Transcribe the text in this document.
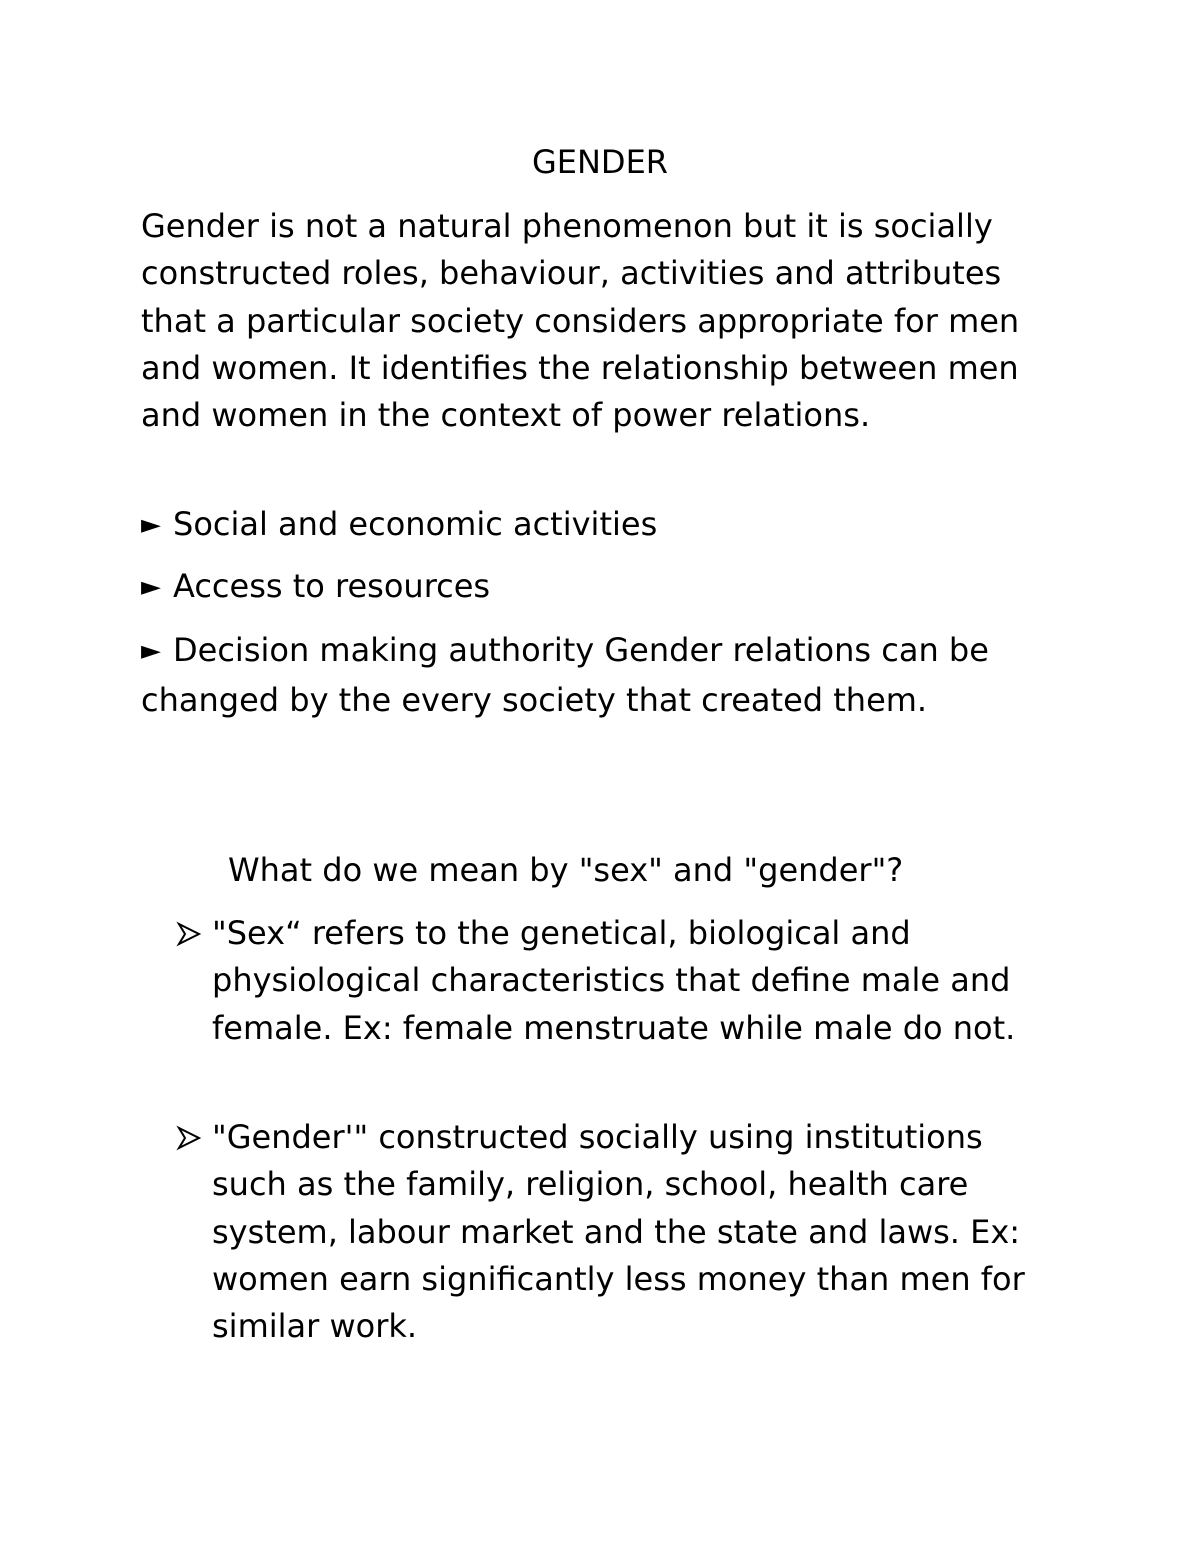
GENDER

Gender is not a natural phenomenon but it is socially constructed roles, behaviour, activities and attributes that a particular society considers appropriate for men and women. It identifies the relationship between men and women in the context of power relations.

► Social and economic activities

► Access to resources

► Decision making authority Gender relations can be changed by the every society that created them.

What do we mean by "sex" and "gender"?

"Sex“ refers to the genetical, biological and physiological characteristics that define male and female. Ex: female menstruate while male do not.

"Gender'" constructed socially using institutions such as the family, religion, school, health care system, labour market and the state and laws. Ex: women earn significantly less money than men for similar work.
